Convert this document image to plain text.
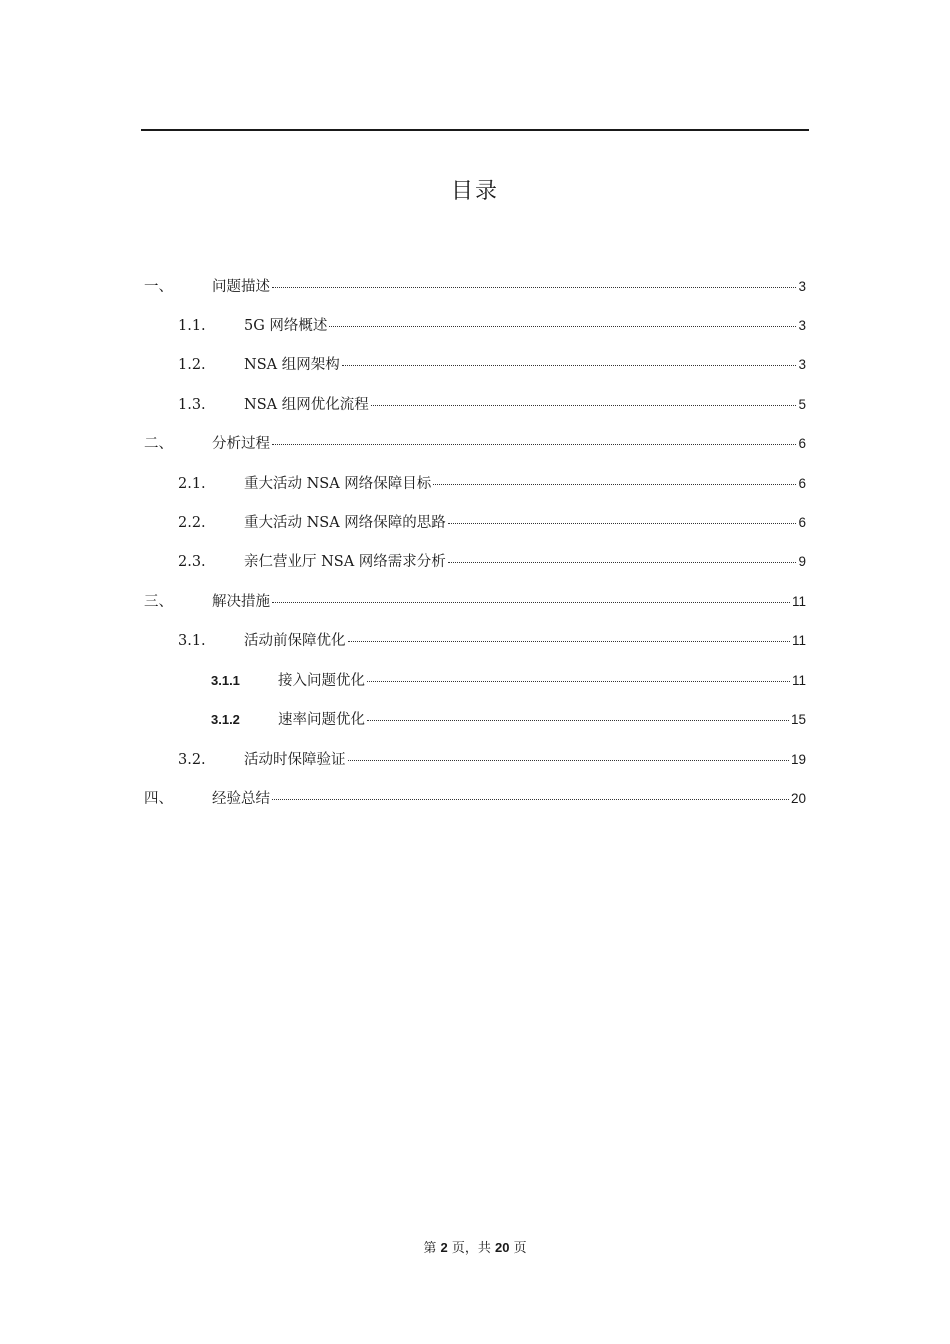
目录
一、	问题描述	3
1.1.	5G 网络概述	3
1.2.	NSA 组网架构	3
1.3.	NSA 组网优化流程	5
二、	分析过程	6
2.1.	重大活动 NSA 网络保障目标	6
2.2.	重大活动 NSA 网络保障的思路	6
2.3.	亲仁营业厅 NSA 网络需求分析	9
三、	解决措施	11
3.1.	活动前保障优化	11
3.1.1	接入问题优化	11
3.1.2	速率问题优化	15
3.2.	活动时保障验证	19
四、	经验总结	20
第 2 页，共 20 页
